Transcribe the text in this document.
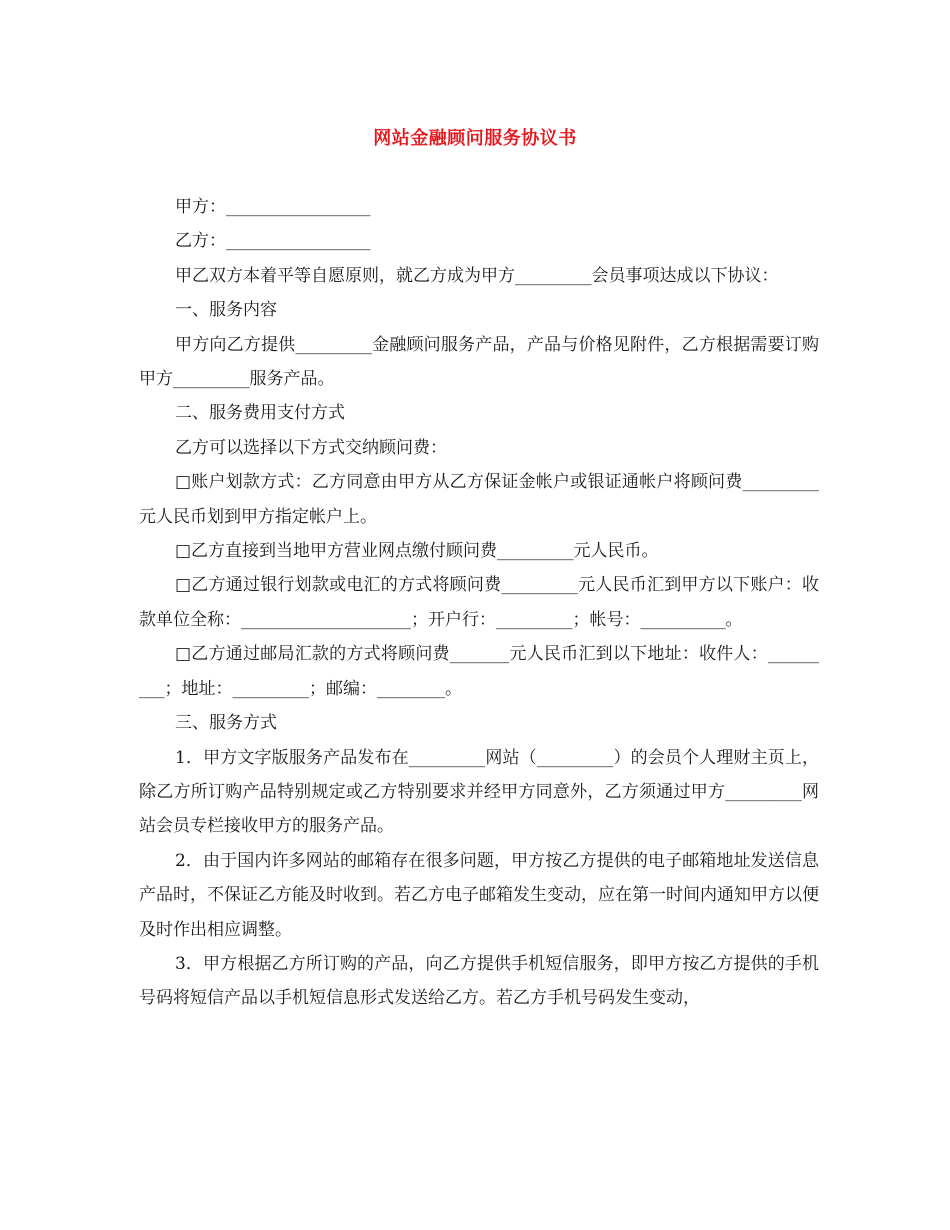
网站金融顾问服务协议书

甲方：_________________

乙方：_________________

甲乙双方本着平等自愿原则，就乙方成为甲方_________会员事项达成以下协议：

一、服务内容

甲方向乙方提供_________金融顾问服务产品，产品与价格见附件，乙方根据需要订购甲方_________服务产品。

二、服务费用支付方式

乙方可以选择以下方式交纳顾问费：

□账户划款方式：乙方同意由甲方从乙方保证金帐户或银证通帐户将顾问费_________元人民币划到甲方指定帐户上。

□乙方直接到当地甲方营业网点缴付顾问费_________元人民币。

□乙方通过银行划款或电汇的方式将顾问费_________元人民币汇到甲方以下账户：收款单位全称：____________________；开户行：_________；帐号：__________。

□乙方通过邮局汇款的方式将顾问费_______元人民币汇到以下地址：收件人：_________；地址：_________；邮编：________。

三、服务方式

1．甲方文字版服务产品发布在_________网站（_________）的会员个人理财主页上，除乙方所订购产品特别规定或乙方特别要求并经甲方同意外，乙方须通过甲方_________网站会员专栏接收甲方的服务产品。

2．由于国内许多网站的邮箱存在很多问题，甲方按乙方提供的电子邮箱地址发送信息产品时，不保证乙方能及时收到。若乙方电子邮箱发生变动，应在第一时间内通知甲方以便及时作出相应调整。

3．甲方根据乙方所订购的产品，向乙方提供手机短信服务，即甲方按乙方提供的手机号码将短信产品以手机短信息形式发送给乙方。若乙方手机号码发生变动，
